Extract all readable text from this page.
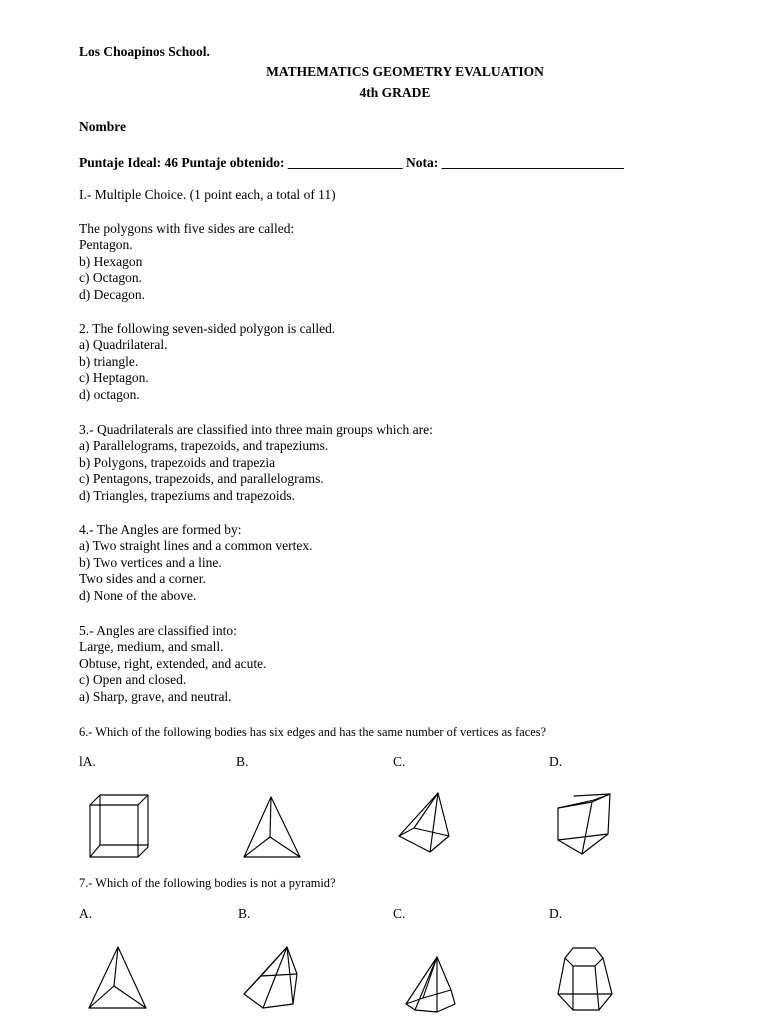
Los Choapinos School.
MATHEMATICS GEOMETRY EVALUATION
4th GRADE
Nombre
Puntaje Ideal: 46 Puntaje obtenido: _________________ Nota: ___________________________
I.- Multiple Choice. (1 point each, a total of 11)
The polygons with five sides are called:
Pentagon.
b) Hexagon
c) Octagon.
d) Decagon.
2. The following seven-sided polygon is called.
a) Quadrilateral.
b) triangle.
c) Heptagon.
d) octagon.
3.- Quadrilaterals are classified into three main groups which are:
a) Parallelograms, trapezoids, and trapeziums.
b) Polygons, trapezoids and trapezia
c) Pentagons, trapezoids, and parallelograms.
d) Triangles, trapeziums and trapezoids.
4.- The Angles are formed by:
a) Two straight lines and a common vertex.
b) Two vertices and a line.
Two sides and a corner.
d) None of the above.
5.- Angles are classified into:
Large, medium, and small.
Obtuse, right, extended, and acute.
c) Open and closed.
a) Sharp, grave, and neutral.
6.- Which of the following bodies has six edges and has the same number of vertices as faces?
lA.	B.	C.	D.
7.- Which of the following bodies is not a pyramid?
A.	B.	C.	D.
